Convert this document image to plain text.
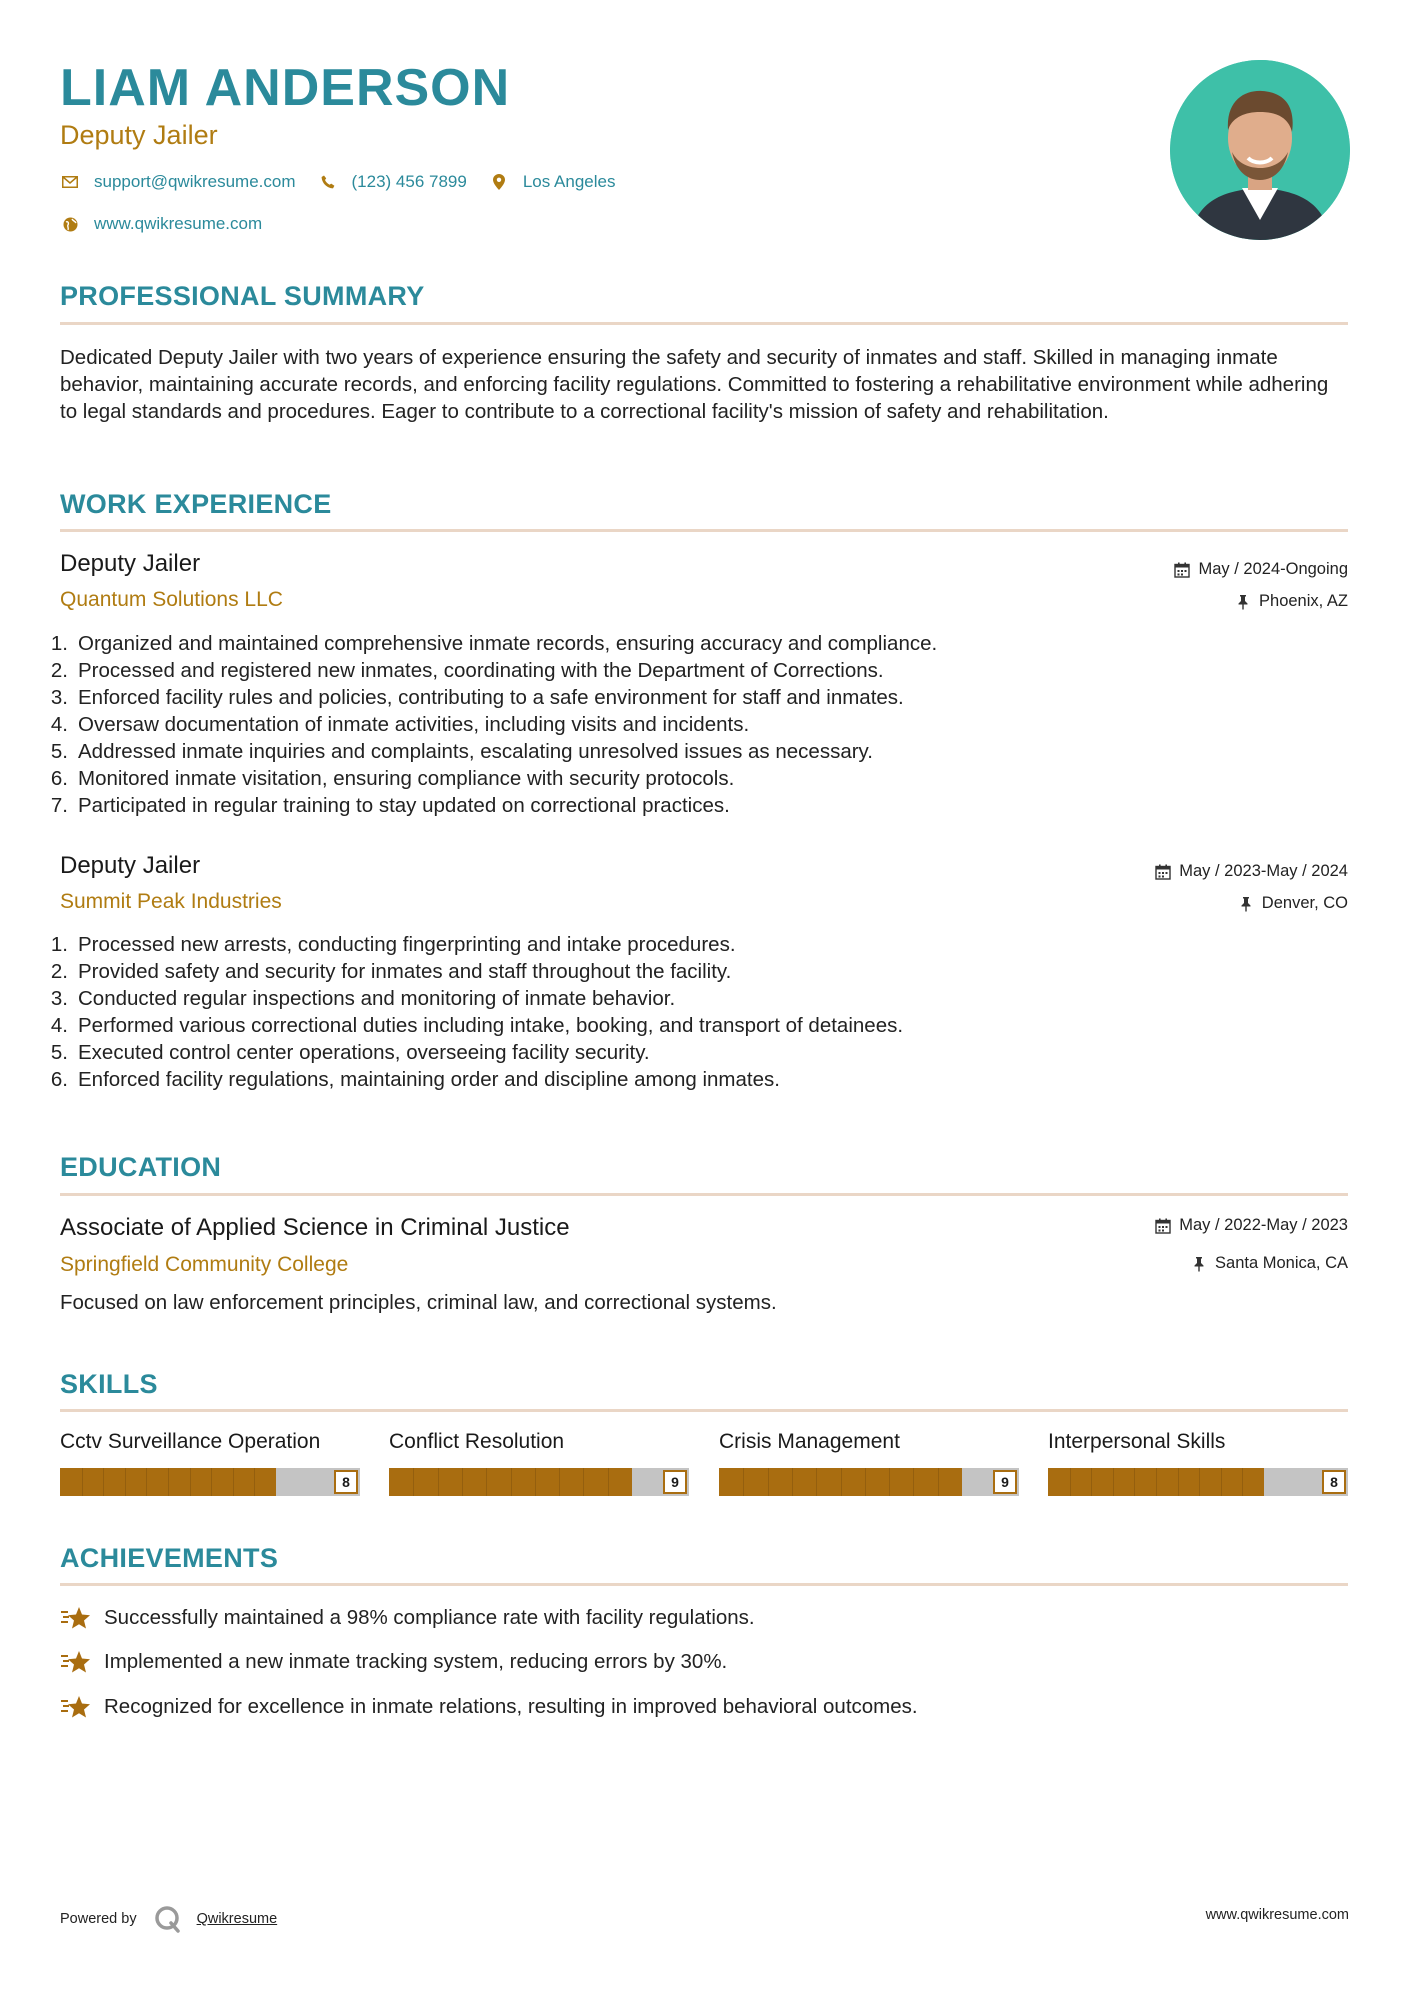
LIAM ANDERSON
Deputy Jailer
support@qwikresume.com	(123) 456 7899	Los Angeles
www.qwikresume.com
PROFESSIONAL SUMMARY
Dedicated Deputy Jailer with two years of experience ensuring the safety and security of inmates and staff. Skilled in managing inmate behavior, maintaining accurate records, and enforcing facility regulations. Committed to fostering a rehabilitative environment while adhering to legal standards and procedures. Eager to contribute to a correctional facility's mission of safety and rehabilitation.
WORK EXPERIENCE
Deputy Jailer
Quantum Solutions LLC
May / 2024-Ongoing
Phoenix, AZ
1. Organized and maintained comprehensive inmate records, ensuring accuracy and compliance.
2. Processed and registered new inmates, coordinating with the Department of Corrections.
3. Enforced facility rules and policies, contributing to a safe environment for staff and inmates.
4. Oversaw documentation of inmate activities, including visits and incidents.
5. Addressed inmate inquiries and complaints, escalating unresolved issues as necessary.
6. Monitored inmate visitation, ensuring compliance with security protocols.
7. Participated in regular training to stay updated on correctional practices.
Deputy Jailer
Summit Peak Industries
May / 2023-May / 2024
Denver, CO
1. Processed new arrests, conducting fingerprinting and intake procedures.
2. Provided safety and security for inmates and staff throughout the facility.
3. Conducted regular inspections and monitoring of inmate behavior.
4. Performed various correctional duties including intake, booking, and transport of detainees.
5. Executed control center operations, overseeing facility security.
6. Enforced facility regulations, maintaining order and discipline among inmates.
EDUCATION
Associate of Applied Science in Criminal Justice
Springfield Community College
May / 2022-May / 2023
Santa Monica, CA
Focused on law enforcement principles, criminal law, and correctional systems.
SKILLS
Cctv Surveillance Operation
8
Conflict Resolution
9
Crisis Management
9
Interpersonal Skills
8
ACHIEVEMENTS
Successfully maintained a 98% compliance rate with facility regulations.
Implemented a new inmate tracking system, reducing errors by 30%.
Recognized for excellence in inmate relations, resulting in improved behavioral outcomes.
Powered by	Qwikresume	www.qwikresume.com
